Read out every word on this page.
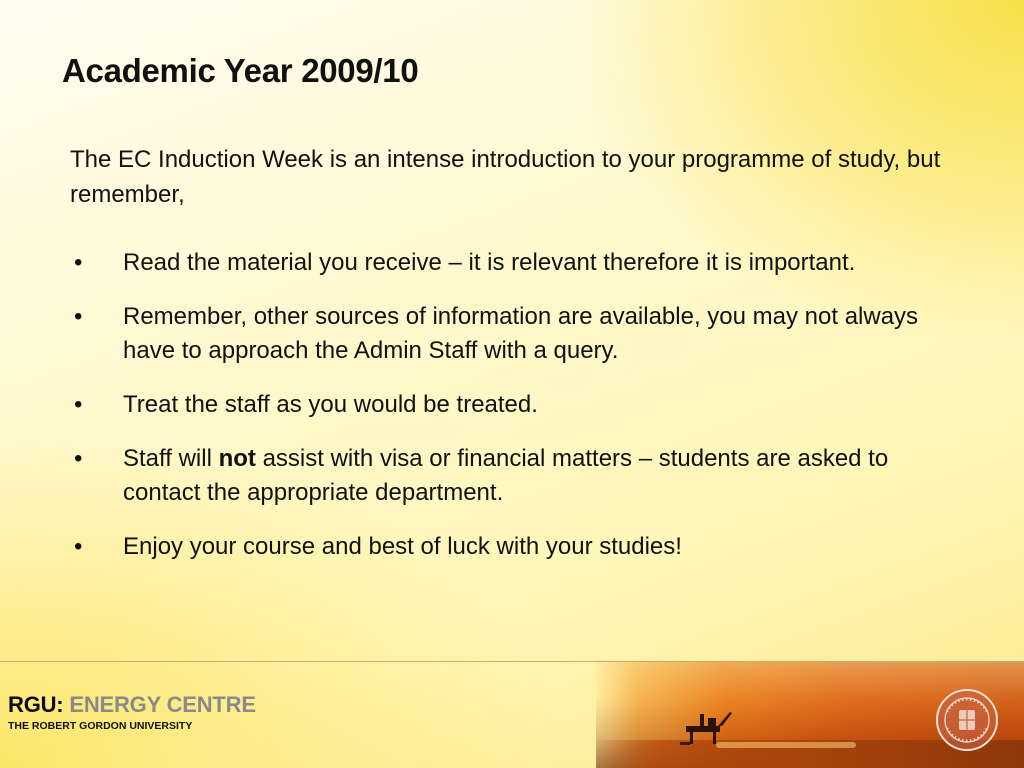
Academic Year 2009/10
The EC Induction Week is an intense introduction to your programme of study, but remember,
• Read the material you receive – it is relevant therefore it is important.
• Remember, other sources of information are available, you may not always have to approach the Admin Staff with a query.
• Treat the staff as you would be treated.
• Staff will not assist with visa or financial matters – students are asked to contact the appropriate department.
• Enjoy your course and best of luck with your studies!
RGU: ENERGY CENTRE
THE ROBERT GORDON UNIVERSITY
